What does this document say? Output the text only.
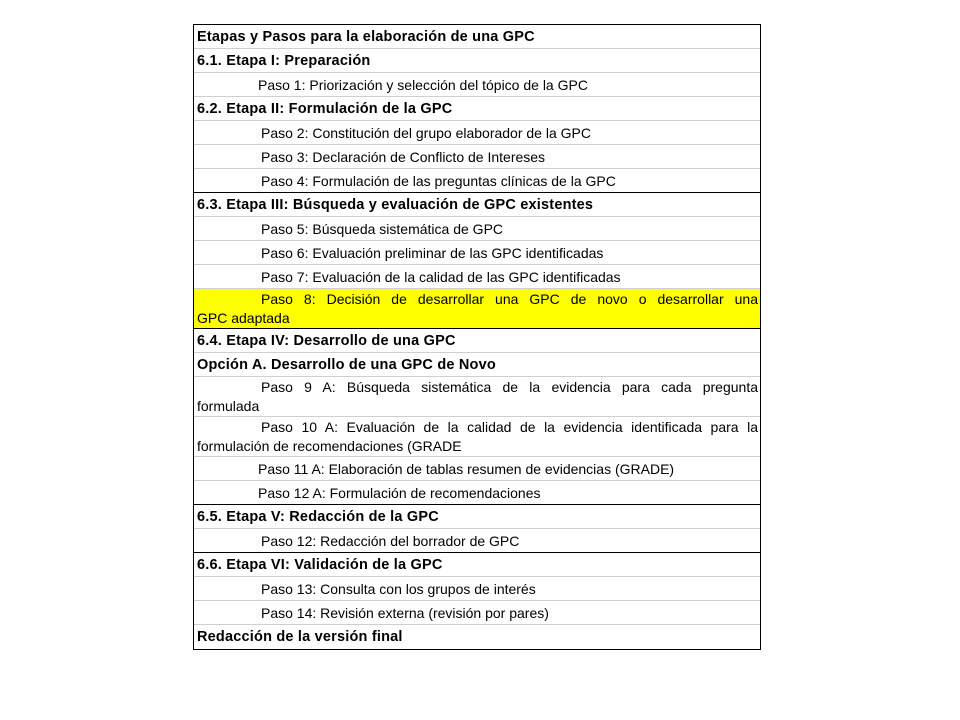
Etapas y Pasos para la elaboración de una GPC
6.1. Etapa I: Preparación
Paso 1: Priorización y selección del tópico de la GPC
6.2. Etapa II: Formulación de la GPC
Paso 2: Constitución del grupo elaborador de la GPC
Paso 3: Declaración de Conflicto de Intereses
Paso 4: Formulación de las preguntas clínicas de la GPC
6.3. Etapa III: Búsqueda y evaluación de GPC existentes
Paso 5: Búsqueda sistemática de GPC
Paso 6: Evaluación preliminar de las GPC identificadas
Paso 7: Evaluación de la calidad de las GPC identificadas
Paso 8: Decisión de desarrollar una GPC de novo o desarrollar una
GPC adaptada
6.4. Etapa IV: Desarrollo de una GPC
Opción A. Desarrollo de una GPC de Novo
Paso 9 A: Búsqueda sistemática de la evidencia para cada pregunta
formulada
Paso 10 A: Evaluación de la calidad de la evidencia identificada para la
formulación de recomendaciones (GRADE
Paso 11 A: Elaboración de tablas resumen de evidencias (GRADE)
Paso 12 A: Formulación de recomendaciones
6.5. Etapa V: Redacción de la GPC
Paso 12: Redacción del borrador de GPC
6.6. Etapa VI: Validación de la GPC
Paso 13: Consulta con los grupos de interés
Paso 14: Revisión externa (revisión por pares)
Redacción de la versión final
